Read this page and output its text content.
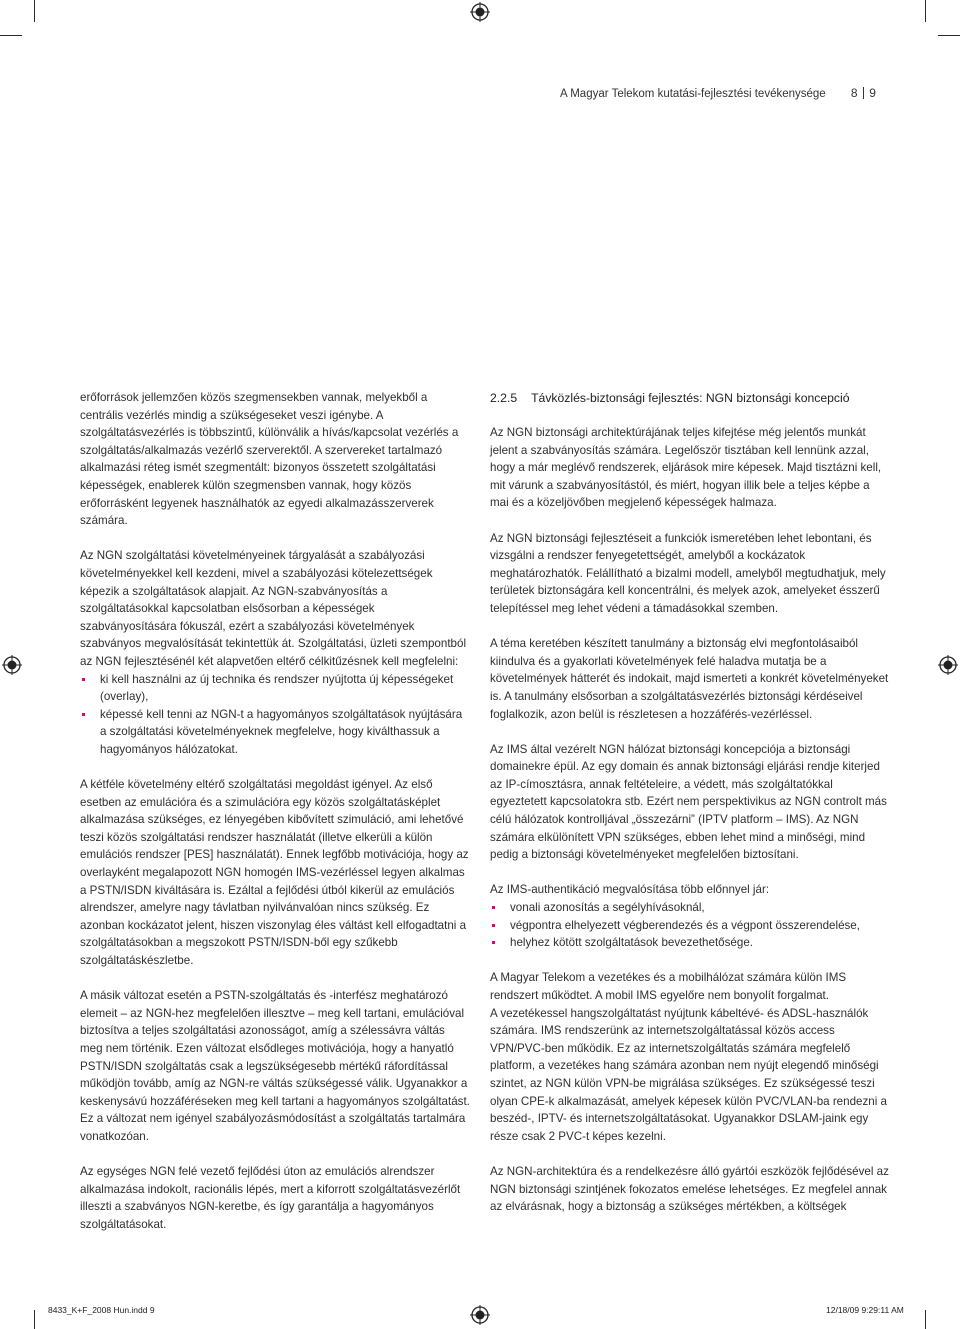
A Magyar Telekom kutatási-fejlesztési tevékenysége 8 9

erőforrások jellemzően közös szegmensekben vannak, melyekből a centrális vezérlés mindig a szükségeseket veszi igénybe. A szolgáltatásvezérlés is többszintű, különválik a hívás/kapcsolat vezérlés a szolgáltatás/alkalmazás vezérlő szerverektől. A szervereket tartalmazó alkalmazási réteg ismét szegmentált: bizonyos összetett szolgáltatási képességek, enablerek külön szegmensben vannak, hogy közös erőforrásként legyenek használhatók az egyedi alkalmazásszerverek számára.

Az NGN szolgáltatási követelményeinek tárgyalását a szabályozási követelményekkel kell kezdeni, mivel a szabályozási kötelezettségek képezik a szolgáltatások alapjait. Az NGN-szabványosítás a szolgáltatásokkal kapcsolatban elsősorban a képességek szabványosítására fókuszál, ezért a szabályozási követelmények szabványos megvalósítását tekintettük át. Szolgáltatási, üzleti szempontból az NGN fejlesztésénél két alapvetően eltérő célkitűzésnek kell megfelelni:

ki kell használni az új technika és rendszer nyújtotta új képességeket (overlay),
képessé kell tenni az NGN-t a hagyományos szolgáltatások nyújtására a szolgáltatási követelményeknek megfelelve, hogy kiválthassuk a hagyományos hálózatokat.

A kétféle követelmény eltérő szolgáltatási megoldást igényel. Az első esetben az emulációra és a szimulációra egy közös szolgáltatásképlet alkalmazása szükséges, ez lényegében kibővített szimuláció, ami lehetővé teszi közös szolgáltatási rendszer használatát (illetve elkerüli a külön emulációs rendszer [PES] használatát). Ennek legfőbb motivációja, hogy az overlayként megalapozott NGN homogén IMS-vezérléssel legyen alkalmas a PSTN/ISDN kiváltására is. Ezáltal a fejlődési útból kikerül az emulációs alrendszer, amelyre nagy távlatban nyilvánvalóan nincs szükség. Ez azonban kockázatot jelent, hiszen viszonylag éles váltást kell elfogadtatni a szolgáltatásokban a megszokott PSTN/ISDN-ből egy szűkebb szolgáltatáskészletbe.

A másik változat esetén a PSTN-szolgáltatás és -interfész meghatározó elemeit – az NGN-hez megfelelően illesztve – meg kell tartani, emulációval biztosítva a teljes szolgáltatási azonosságot, amíg a szélessávra váltás meg nem történik. Ezen változat elsődleges motivációja, hogy a hanyatló PSTN/ISDN szolgáltatás csak a legszükségesebb mértékű ráfordítással működjön tovább, amíg az NGN-re váltás szükségessé válik. Ugyanakkor a keskenysávú hozzáféréseken meg kell tartani a hagyományos szolgáltatást. Ez a változat nem igényel szabályozásmódosítást a szolgáltatás tartalmára vonatkozóan.

Az egységes NGN felé vezető fejlődési úton az emulációs alrendszer alkalmazása indokolt, racionális lépés, mert a kiforrott szolgáltatásvezérlőt illeszti a szabványos NGN-keretbe, és így garantálja a hagyományos szolgáltatásokat.

2.2.5 Távközlés-biztonsági fejlesztés: NGN biztonsági koncepció

Az NGN biztonsági architektúrájának teljes kifejtése még jelentős munkát jelent a szabványosítás számára. Legelőször tisztában kell lennünk azzal, hogy a már meglévő rendszerek, eljárások mire képesek. Majd tisztázni kell, mit várunk a szabványosítástól, és miért, hogyan illik bele a teljes képbe a mai és a közeljövőben megjelenő képességek halmaza.

Az NGN biztonsági fejlesztéseit a funkciók ismeretében lehet lebontani, és vizsgálni a rendszer fenyegetettségét, amelyből a kockázatok meghatározhatók. Felállítható a bizalmi modell, amelyből megtudhatjuk, mely területek biztonságára kell koncentrálni, és melyek azok, amelyeket ésszerű telepítéssel meg lehet védeni a támadásokkal szemben.

A téma keretében készített tanulmány a biztonság elvi megfontolásaiból kiindulva és a gyakorlati követelmények felé haladva mutatja be a követelmények hátterét és indokait, majd ismerteti a konkrét követelményeket is. A tanulmány elsősorban a szolgáltatásvezérlés biztonsági kérdéseivel foglalkozik, azon belül is részletesen a hozzáférés-vezérléssel.

Az IMS által vezérelt NGN hálózat biztonsági koncepciója a biztonsági domainekre épül. Az egy domain és annak biztonsági eljárási rendje kiterjed az IP-címosztásra, annak feltételeire, a védett, más szolgáltatókkal egyeztetett kapcsolatokra stb. Ezért nem perspektivikus az NGN controlt más célú hálózatok kontrolljával „összezárni” (IPTV platform – IMS). Az NGN számára elkülönített VPN szükséges, ebben lehet mind a minőségi, mind pedig a biztonsági követelményeket megfelelően biztosítani.

Az IMS-authentikáció megvalósítása több előnnyel jár:

vonali azonosítás a segélyhívásoknál,
végpontra elhelyezett végberendezés és a végpont összerendelése,
helyhez kötött szolgáltatások bevezethetősége.

A Magyar Telekom a vezetékes és a mobilhálózat számára külön IMS rendszert működtet. A mobil IMS egyelőre nem bonyolít forgalmat.

A vezetékessel hangszolgáltatást nyújtunk kábeltévé- és ADSL-használók számára. IMS rendszerünk az internetszolgáltatással közös access VPN/PVC-ben működik. Ez az internetszolgáltatás számára megfelelő platform, a vezetékes hang számára azonban nem nyújt elegendő minőségi szintet, az NGN külön VPN-be migrálása szükséges. Ez szükségessé teszi olyan CPE-k alkalmazását, amelyek képesek külön PVC/VLAN-ba rendezni a beszéd-, IPTV- és internetszolgáltatásokat. Ugyanakkor DSLAM-jaink egy része csak 2 PVC-t képes kezelni.

Az NGN-architektúra és a rendelkezésre álló gyártói eszközök fejlődésével az NGN biztonsági szintjének fokozatos emelése lehetséges. Ez megfelel annak az elvárásnak, hogy a biztonság a szükséges mértékben, a költségek

8433_K+F_2008 Hun.indd 9	12/18/09 9:29:11 AM
